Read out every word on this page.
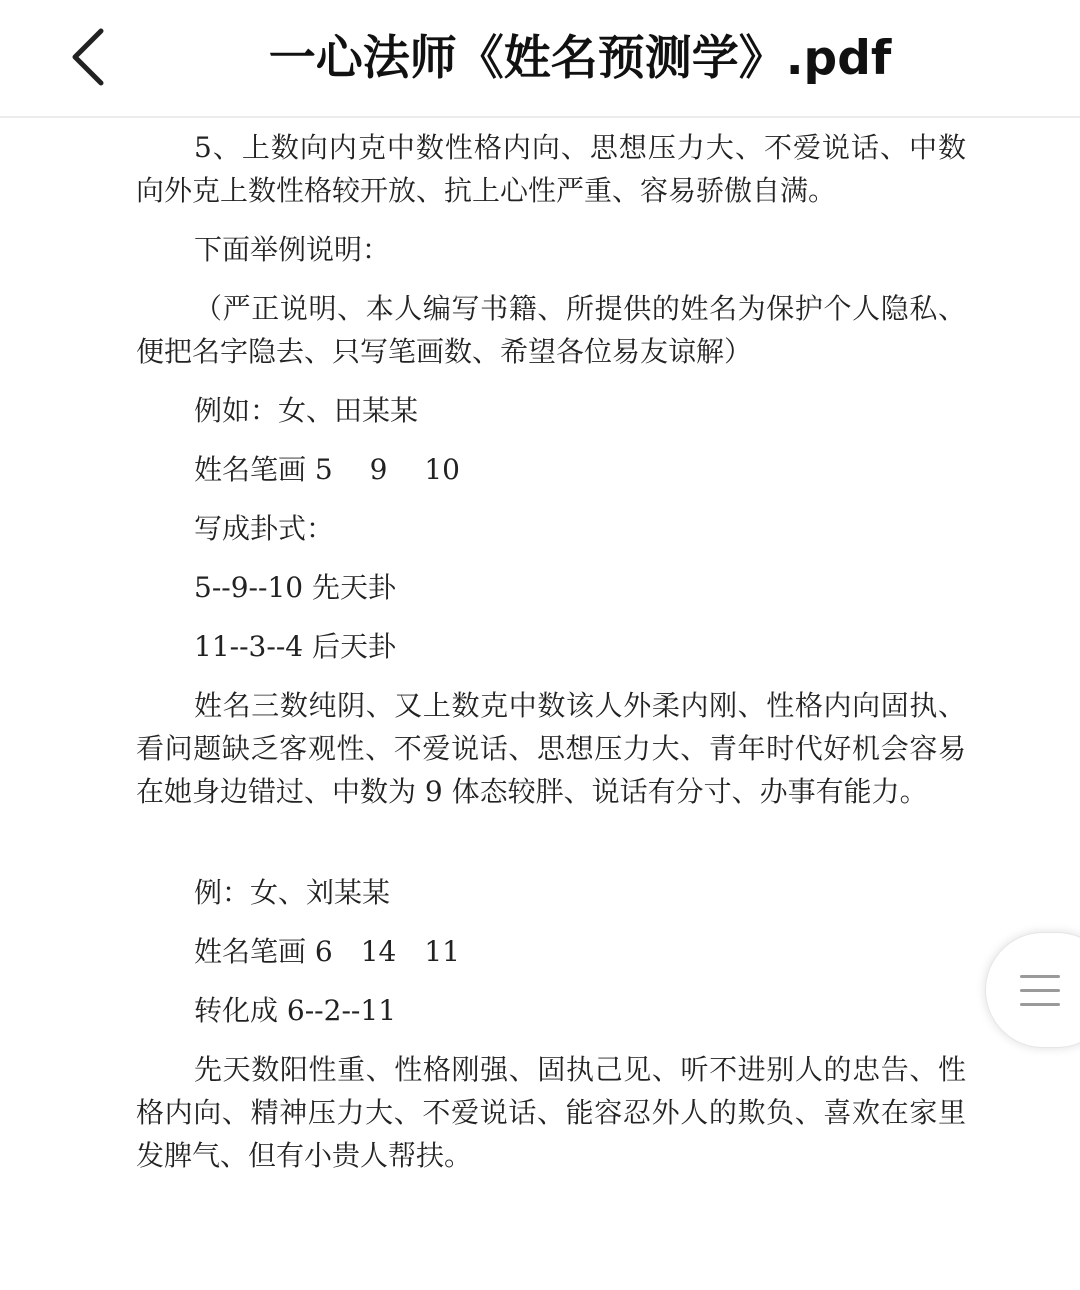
一心法师《姓名预测学》.pdf

5、上数向内克中数性格内向、思想压力大、不爱说话、中数向外克上数性格较开放、抗上心性严重、容易骄傲自满。

下面举例说明：

（严正说明、本人编写书籍、所提供的姓名为保护个人隐私、便把名字隐去、只写笔画数、希望各位易友谅解）

例如：女、田某某

姓名笔画 5　 9　 10

写成卦式：

5--9--10 先天卦

11--3--4 后天卦

姓名三数纯阴、又上数克中数该人外柔内刚、性格内向固执、看问题缺乏客观性、不爱说话、思想压力大、青年时代好机会容易在她身边错过、中数为 9 体态较胖、说话有分寸、办事有能力。

例：女、刘某某

姓名笔画 6　14　11

转化成 6--2--11

先天数阳性重、性格刚强、固执己见、听不进别人的忠告、性格内向、精神压力大、不爱说话、能容忍外人的欺负、喜欢在家里发脾气、但有小贵人帮扶。
